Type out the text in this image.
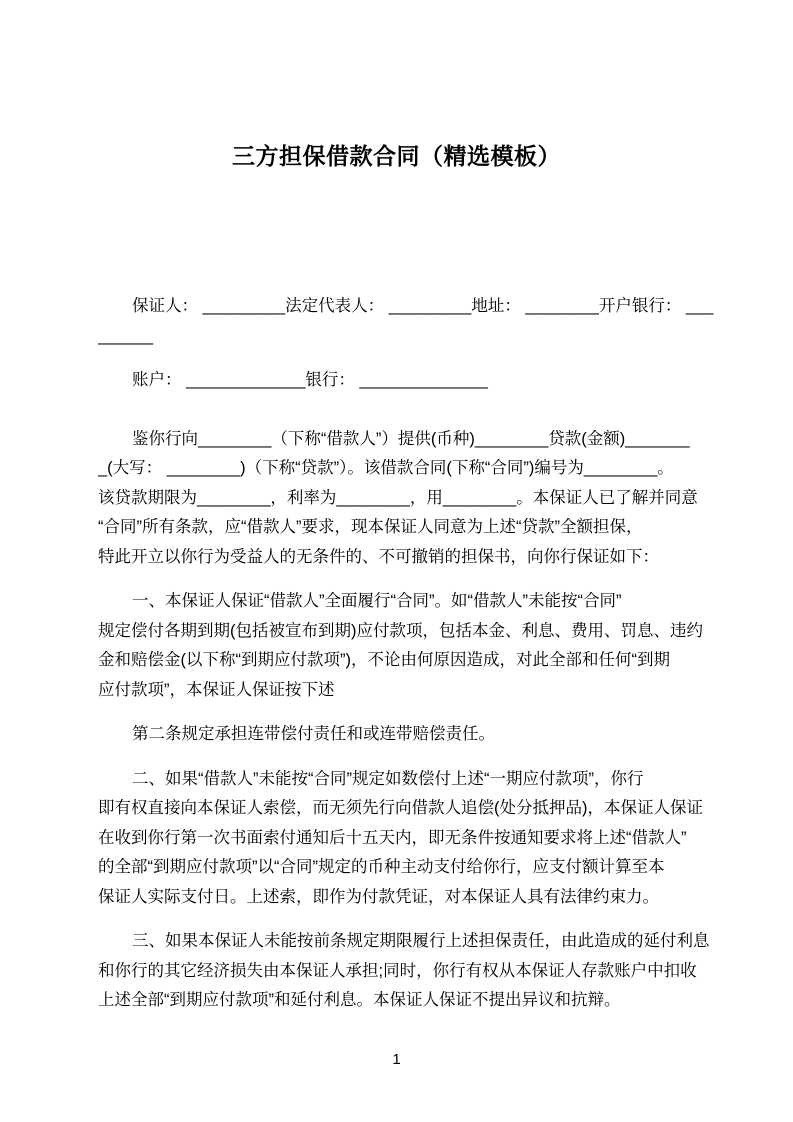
三方担保借款合同（精选模板）
保证人： _________法定代表人： _________地址： ________开户银行： ___
______
账户： _____________银行： ______________
鉴你行向________（下称“借款人”）提供(币种)________贷款(金额)_______
_(大写： ________)（下称“贷款”）。该借款合同(下称“合同”)编号为________。
该贷款期限为________，利率为________，用________。本保证人已了解并同意
“合同”所有条款，应“借款人”要求，现本保证人同意为上述“贷款”全额担保，
特此开立以你行为受益人的无条件的、不可撤销的担保书，向你行保证如下：
一、本保证人保证“借款人”全面履行“合同”。如“借款人”未能按“合同”
规定偿付各期到期(包括被宣布到期)应付款项，包括本金、利息、费用、罚息、违约
金和赔偿金(以下称“到期应付款项”)，不论由何原因造成，对此全部和任何“到期
应付款项”，本保证人保证按下述
第二条规定承担连带偿付责任和或连带赔偿责任。
二、如果“借款人”未能按“合同”规定如数偿付上述“一期应付款项”，你行
即有权直接向本保证人索偿，而无须先行向借款人追偿(处分抵押品)，本保证人保证
在收到你行第一次书面索付通知后十五天内，即无条件按通知要求将上述“借款人”
的全部“到期应付款项”以“合同”规定的币种主动支付给你行，应支付额计算至本
保证人实际支付日。上述索，即作为付款凭证，对本保证人具有法律约束力。
三、如果本保证人未能按前条规定期限履行上述担保责任，由此造成的延付利息
和你行的其它经济损失由本保证人承担;同时，你行有权从本保证人存款账户中扣收
上述全部“到期应付款项”和延付利息。本保证人保证不提出异议和抗辩。
1
